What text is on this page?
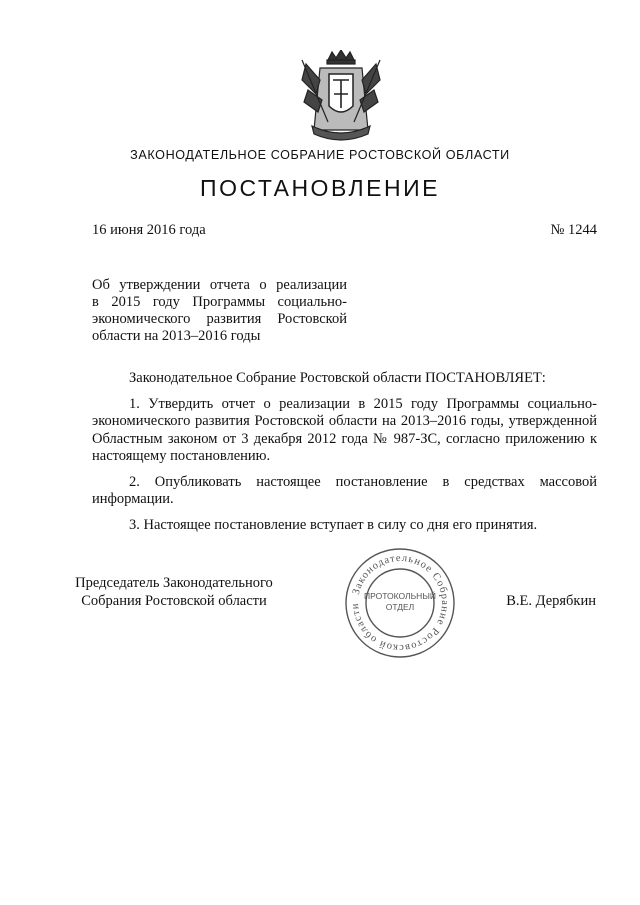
ЗАКОНОДАТЕЛЬНОЕ СОБРАНИЕ РОСТОВСКОЙ ОБЛАСТИ
ПОСТАНОВЛЕНИЕ
16 июня 2016 года	№ 1244
Об утверждении отчета о реализации
в 2015 году Программы социально-
экономического развития Ростовской
области на 2013–2016 годы

Законодательное Собрание Ростовской области ПОСТАНОВЛЯЕТ:

1. Утвердить отчет о реализации в 2015 году Программы социально-экономического развития Ростовской области на 2013–2016 годы, утвержденной Областным законом от 3 декабря 2012 года № 987-ЗС, согласно приложению к настоящему постановлению.

2. Опубликовать настоящее постановление в средствах массовой информации.

3. Настоящее постановление вступает в силу со дня его принятия.

Председатель Законодательного
Собрания Ростовской области
Законодательное Собрание Ростовской области
ПРОТОКОЛЬНЫЙ
ОТДЕЛ	В.Е. Дерябкин
